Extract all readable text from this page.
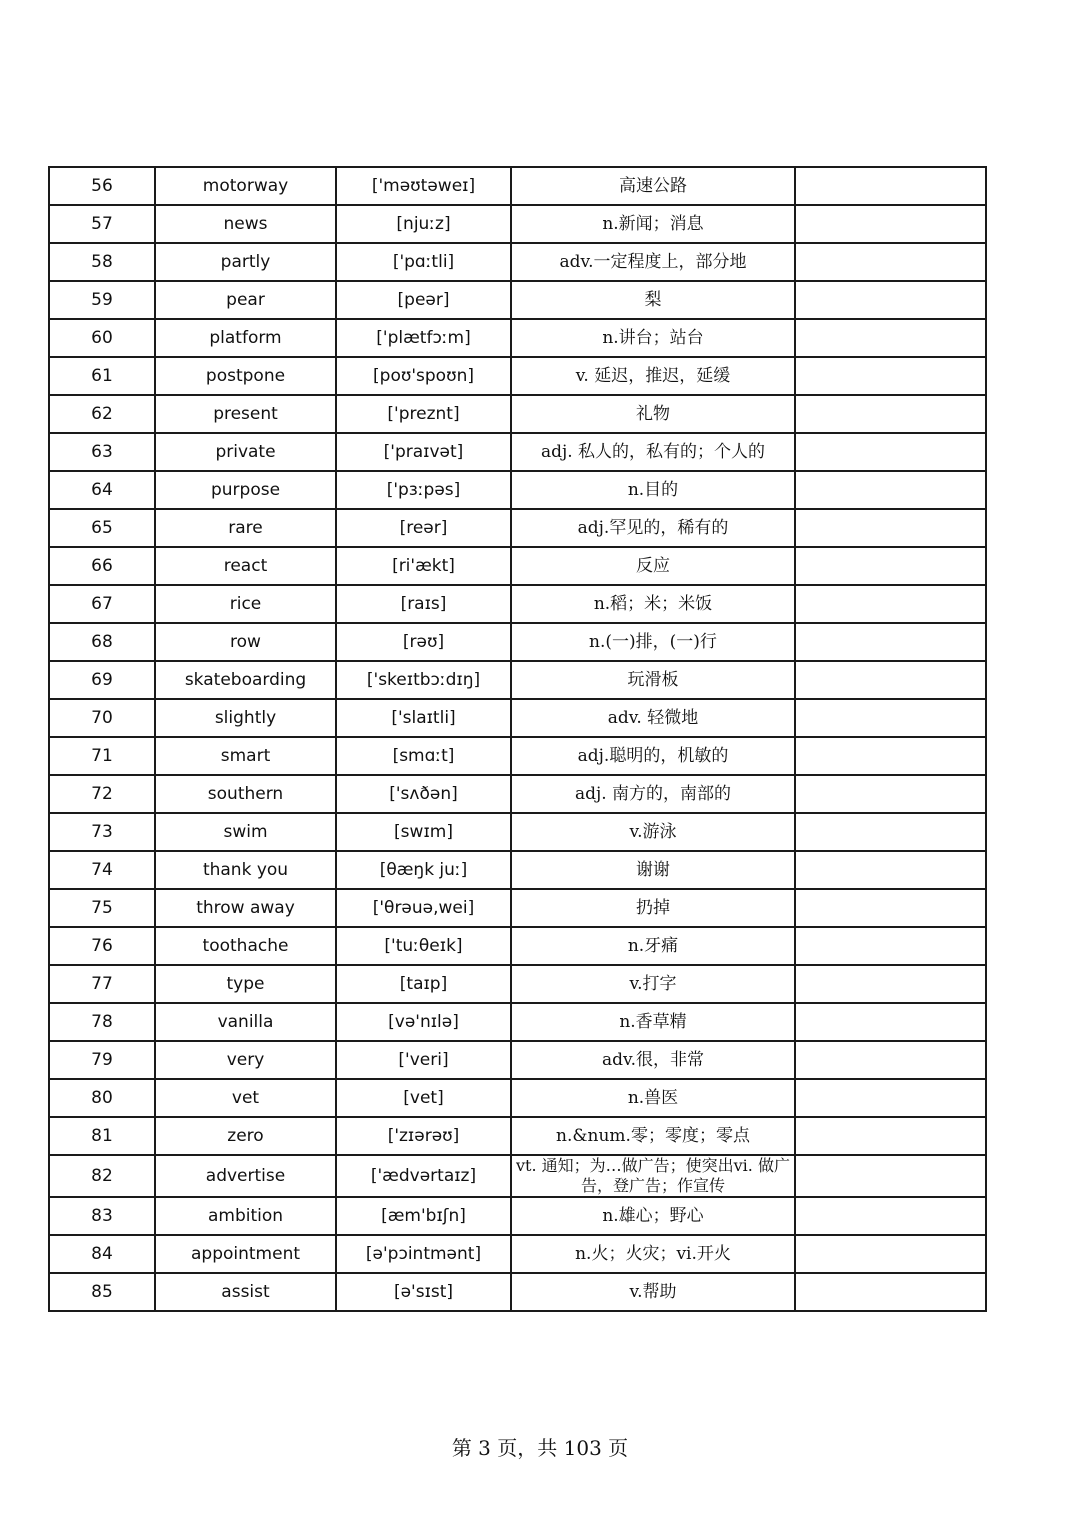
56	motorway	['məʊtəweɪ]	高速公路	
57	news	[njuːz]	n.新闻；消息	
58	partly	['pɑːtli]	adv.一定程度上，部分地	
59	pear	[peər]	梨	
60	platform	['plætfɔːm]	n.讲台；站台	
61	postpone	[poʊ'spoʊn]	v. 延迟，推迟，延缓	
62	present	['preznt]	礼物	
63	private	['praɪvət]	adj. 私人的，私有的；个人的	
64	purpose	['pɜːpəs]	n.目的	
65	rare	[reər]	adj.罕见的，稀有的	
66	react	[ri'ækt]	反应	
67	rice	[raɪs]	n.稻；米；米饭	
68	row	[rəʊ]	n.(一)排，(一)行	
69	skateboarding	['skeɪtbɔːdɪŋ]	玩滑板	
70	slightly	['slaɪtli]	adv. 轻微地	
71	smart	[smɑːt]	adj.聪明的，机敏的	
72	southern	['sʌðən]	adj. 南方的，南部的	
73	swim	[swɪm]	v.游泳	
74	thank you	[θæŋk juː]	谢谢	
75	throw away	['θrəuə,wei]	扔掉	
76	toothache	['tuːθeɪk]	n.牙痛	
77	type	[taɪp]	v.打字	
78	vanilla	[və'nɪlə]	n.香草精	
79	very	['veri]	adv.很，非常	
80	vet	[vet]	n.兽医	
81	zero	['zɪərəʊ]	n.&num.零；零度；零点	
82	advertise	['ædvərtaɪz]	vt. 通知；为…做广告；使突出vi. 做广告，登广告；作宣传	
83	ambition	[æm'bɪʃn]	n.雄心；野心	
84	appointment	[ə'pɔintmənt]	n.火；火灾；vi.开火	
85	assist	[ə'sɪst]	v.帮助	
第 3 页，共 103 页
